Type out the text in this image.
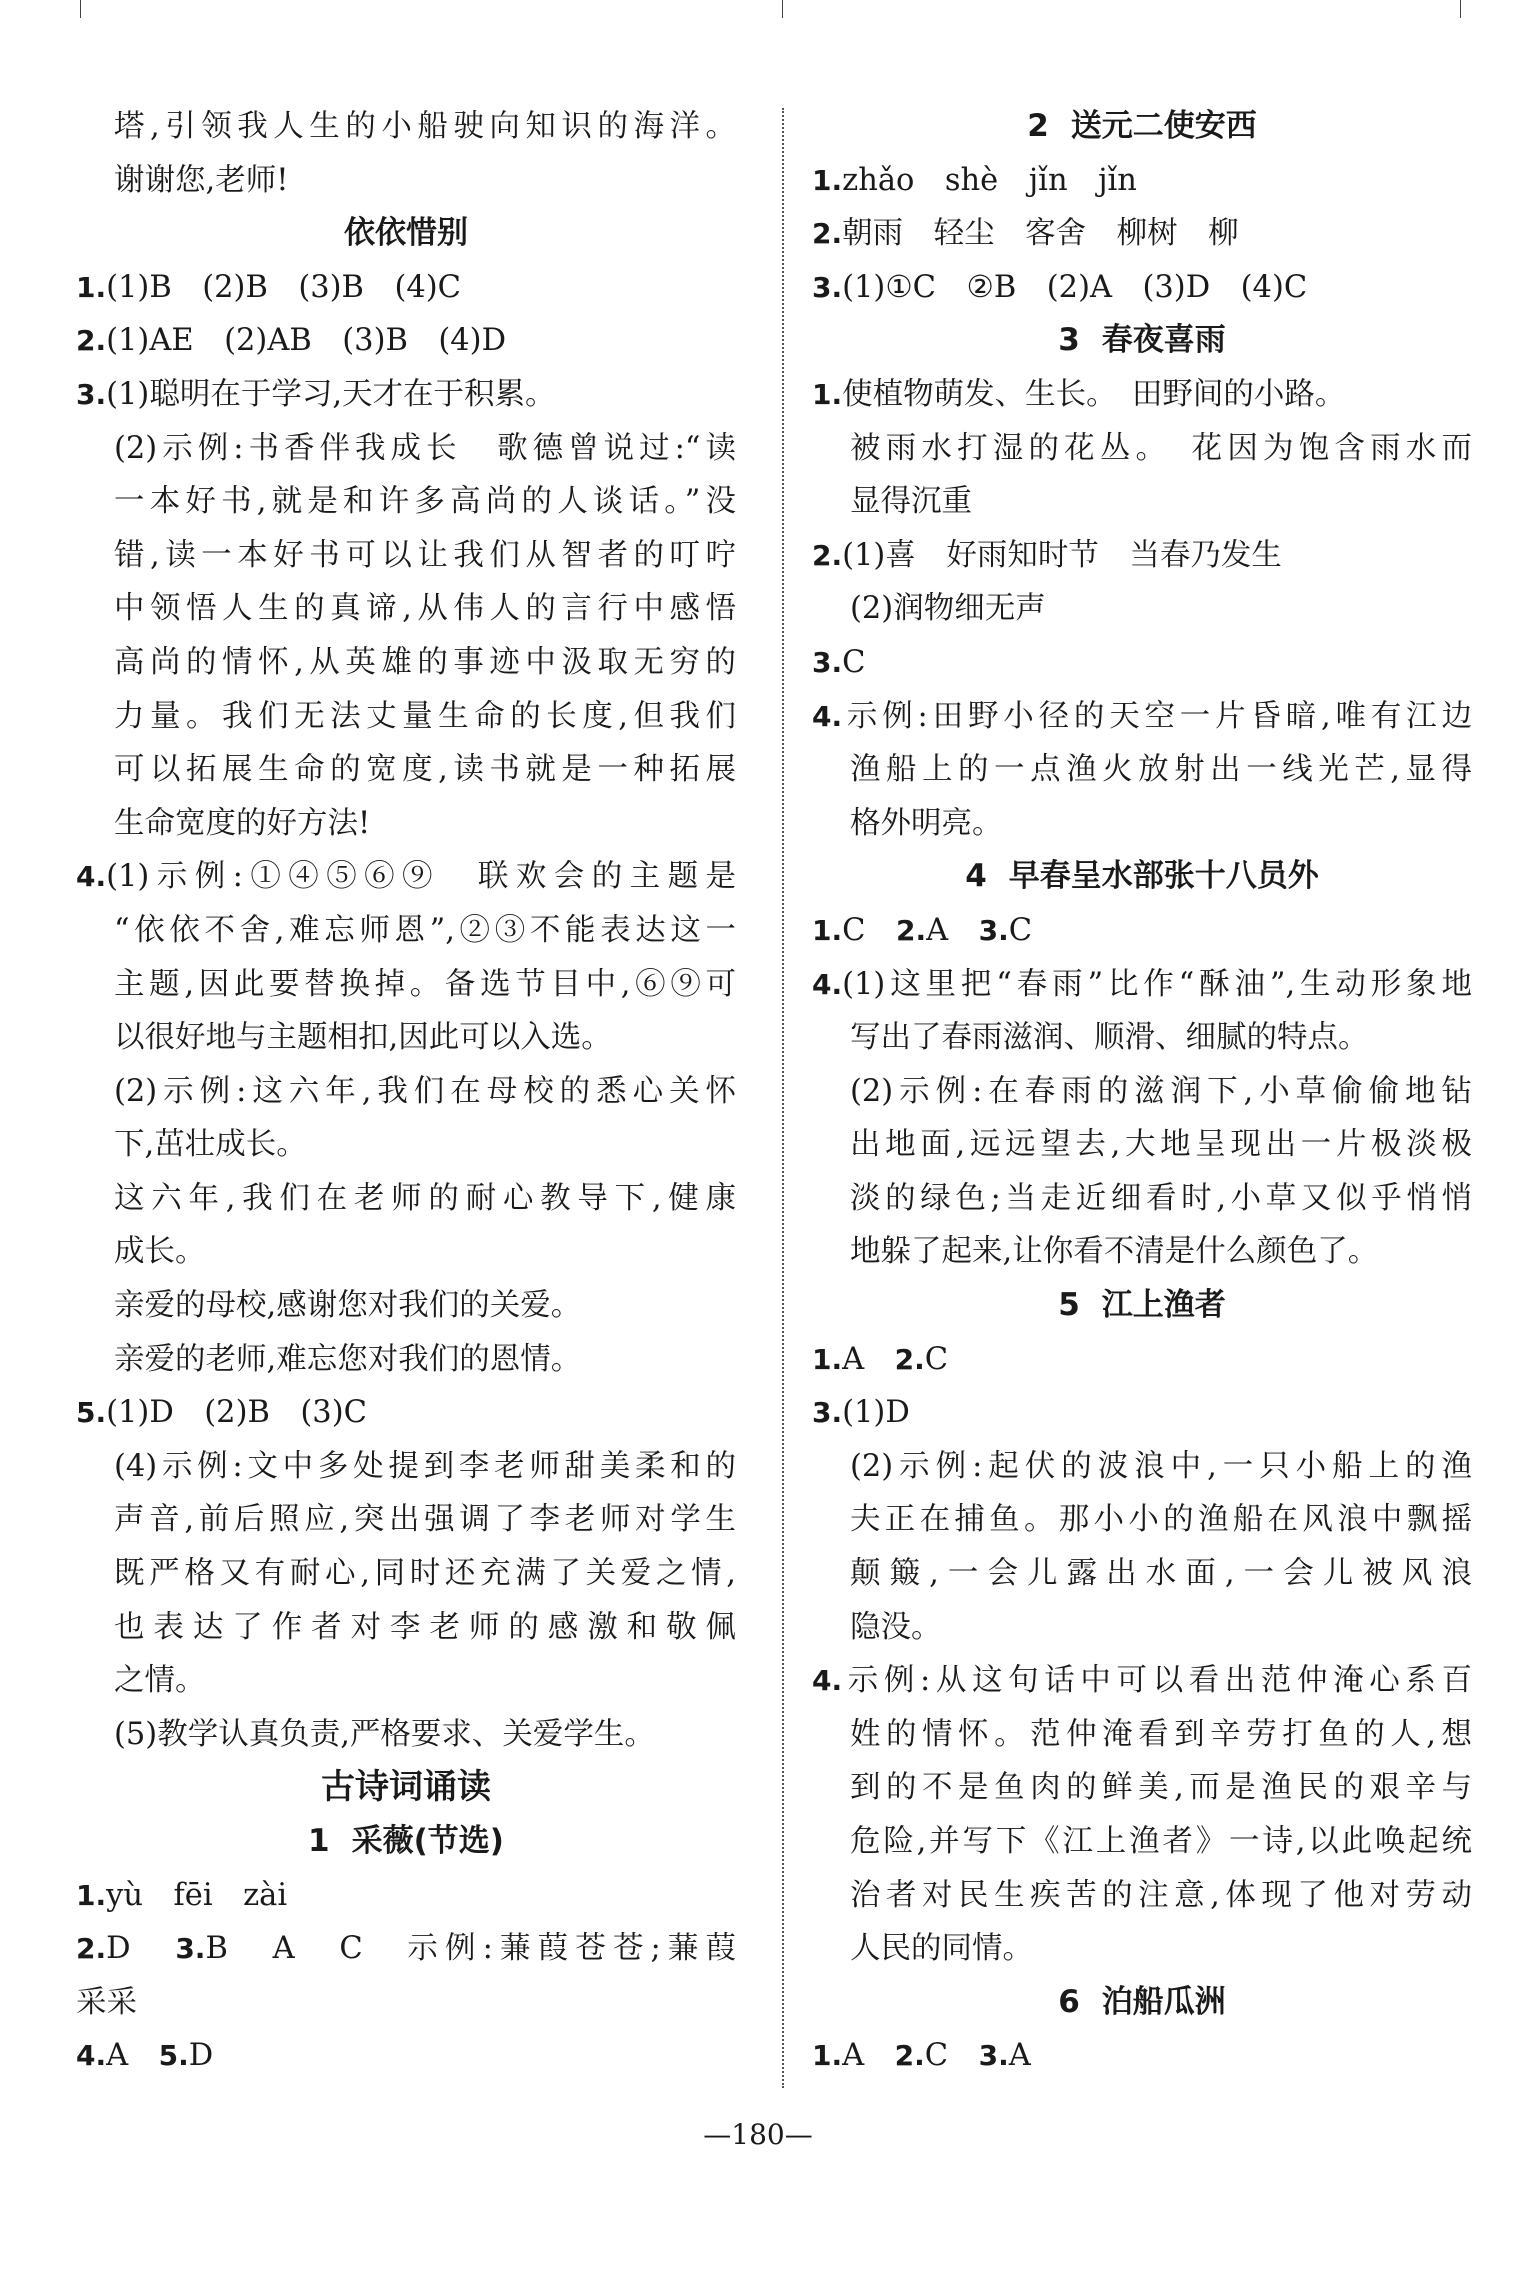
塔,引领我人生的小船驶向知识的海洋。
谢谢您,老师!
依依惜别
1.(1)B　(2)B　(3)B　(4)C
2.(1)AE　(2)AB　(3)B　(4)D
3.(1)聪明在于学习,天才在于积累。
(2)示例:书香伴我成长　歌德曾说过:“读
一本好书,就是和许多高尚的人谈话。”没
错,读一本好书可以让我们从智者的叮咛
中领悟人生的真谛,从伟人的言行中感悟
高尚的情怀,从英雄的事迹中汲取无穷的
力量。我们无法丈量生命的长度,但我们
可以拓展生命的宽度,读书就是一种拓展
生命宽度的好方法!
4.(1)示例:①④⑤⑥⑨　联欢会的主题是
“依依不舍,难忘师恩”,②③不能表达这一
主题,因此要替换掉。备选节目中,⑥⑨可
以很好地与主题相扣,因此可以入选。
(2)示例:这六年,我们在母校的悉心关怀
下,茁壮成长。
这六年,我们在老师的耐心教导下,健康
成长。
亲爱的母校,感谢您对我们的关爱。
亲爱的老师,难忘您对我们的恩情。
5.(1)D　(2)B　(3)C
(4)示例:文中多处提到李老师甜美柔和的
声音,前后照应,突出强调了李老师对学生
既严格又有耐心,同时还充满了关爱之情,
也表达了作者对李老师的感激和敬佩
之情。
(5)教学认真负责,严格要求、关爱学生。
古诗词诵读
1 采薇(节选)
1.yù　fēi　zài
2.D　3.B　A　C　示例:蒹葭苍苍;蒹葭
采采
4.A　5.D
2 送元二使安西
1.zhǎo　shè　jǐn　jǐn
2.朝雨　轻尘　客舍　柳树　柳
3.(1)①C　②B　(2)A　(3)D　(4)C
3 春夜喜雨
1.使植物萌发、生长。　田野间的小路。
被雨水打湿的花丛。　花因为饱含雨水而
显得沉重
2.(1)喜　好雨知时节　当春乃发生
(2)润物细无声
3.C
4.示例:田野小径的天空一片昏暗,唯有江边
渔船上的一点渔火放射出一线光芒,显得
格外明亮。
4 早春呈水部张十八员外
1.C　2.A　3.C
4.(1)这里把“春雨”比作“酥油”,生动形象地
写出了春雨滋润、顺滑、细腻的特点。
(2)示例:在春雨的滋润下,小草偷偷地钻
出地面,远远望去,大地呈现出一片极淡极
淡的绿色;当走近细看时,小草又似乎悄悄
地躲了起来,让你看不清是什么颜色了。
5 江上渔者
1.A　2.C
3.(1)D
(2)示例:起伏的波浪中,一只小船上的渔
夫正在捕鱼。那小小的渔船在风浪中飘摇
颠簸,一会儿露出水面,一会儿被风浪
隐没。
4.示例:从这句话中可以看出范仲淹心系百
姓的情怀。范仲淹看到辛劳打鱼的人,想
到的不是鱼肉的鲜美,而是渔民的艰辛与
危险,并写下《江上渔者》一诗,以此唤起统
治者对民生疾苦的注意,体现了他对劳动
人民的同情。
6 泊船瓜洲
1.A　2.C　3.A
—180—
